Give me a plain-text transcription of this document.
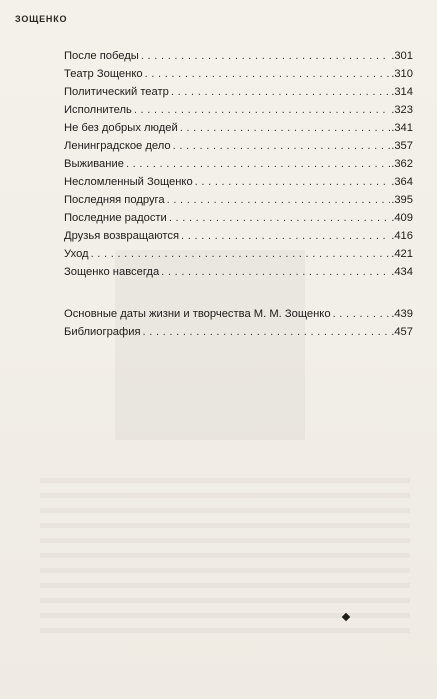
ЗОЩЕНКО
После победы . . .	.301
Театр Зощенко . . .	.310
Политический театр . . .	.314
Исполнитель . . .	.323
Не без добрых людей . . .	.341
Ленинградское дело . . .	.357
Выживание . . .	.362
Несломленный Зощенко . . .	.364
Последняя подруга . . .	.395
Последние радости . . .	.409
Друзья возвращаются . . .	.416
Уход . . .	.421
Зощенко навсегда . . .	.434
Основные даты жизни и творчества М. М. Зощенко . . .	.439
Библиография . . .	.457
